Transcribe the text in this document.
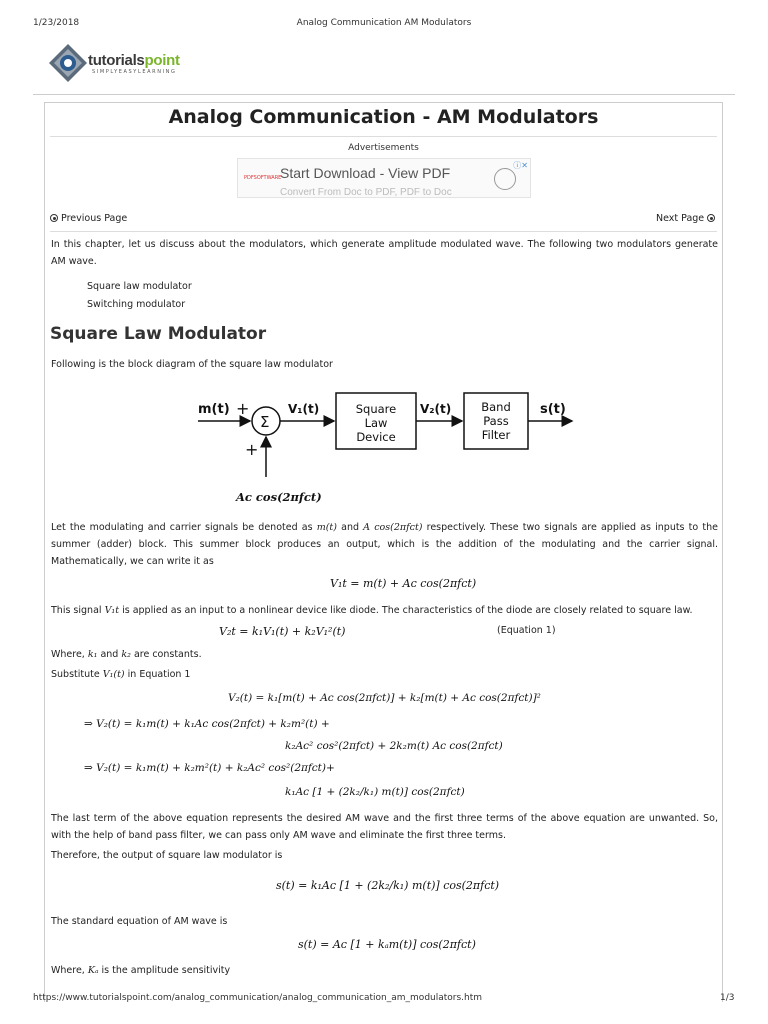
1/23/2018	Analog Communication AM Modulators
tutorialspoint
SIMPLYEASYLEARNING
Analog Communication - AM Modulators
Advertisements
PDFSOFTWARE
Start Download - View PDF
Convert From Doc to PDF, PDF to Doc
ⓘ✕
Previous Page	Next Page
In this chapter, let us discuss about the modulators, which generate amplitude modulated wave. The following two modulators generate AM wave.
Square law modulator
Switching modulator
Square Law Modulator
Following is the block diagram of the square law modulator
m(t) +
Σ
+
V₁(t)	Square
Law
Device
V₂(t)	Band
Pass
Filter
s(t)
Aᴄ cos(2πfᴄt)
Let the modulating and carrier signals be denoted as m(t) and A cos(2πfᴄt) respectively. These two signals are applied as inputs to the summer (adder) block. This summer block produces an output, which is the addition of the modulating and the carrier signal. Mathematically, we can write it as
V₁t = m(t) + Aᴄ cos(2πfᴄt)
This signal V₁t is applied as an input to a nonlinear device like diode. The characteristics of the diode are closely related to square law.
V₂t = k₁V₁(t) + k₂V₁²(t)	(Equation 1)
Where, k₁ and k₂ are constants.
Substitute V₁(t) in Equation 1
V₂(t) = k₁[m(t) + Aᴄ cos(2πfᴄt)] + k₂[m(t) + Aᴄ cos(2πfᴄt)]²
⇒ V₂(t) = k₁m(t) + k₁Aᴄ cos(2πfᴄt) + k₂m²(t) +
k₂Aᴄ² cos²(2πfᴄt) + 2k₂m(t) Aᴄ cos(2πfᴄt)
⇒ V₂(t) = k₁m(t) + k₂m²(t) + k₂Aᴄ² cos²(2πfᴄt)+
k₁Aᴄ [1 + (2k₂/k₁) m(t)] cos(2πfᴄt)
The last term of the above equation represents the desired AM wave and the first three terms of the above equation are unwanted. So, with the help of band pass filter, we can pass only AM wave and eliminate the first three terms.
Therefore, the output of square law modulator is
s(t) = k₁Aᴄ [1 + (2k₂/k₁) m(t)] cos(2πfᴄt)
The standard equation of AM wave is
s(t) = Aᴄ [1 + kₐm(t)] cos(2πfᴄt)
Where, Kₐ is the amplitude sensitivity
https://www.tutorialspoint.com/analog_communication/analog_communication_am_modulators.htm	1/3
